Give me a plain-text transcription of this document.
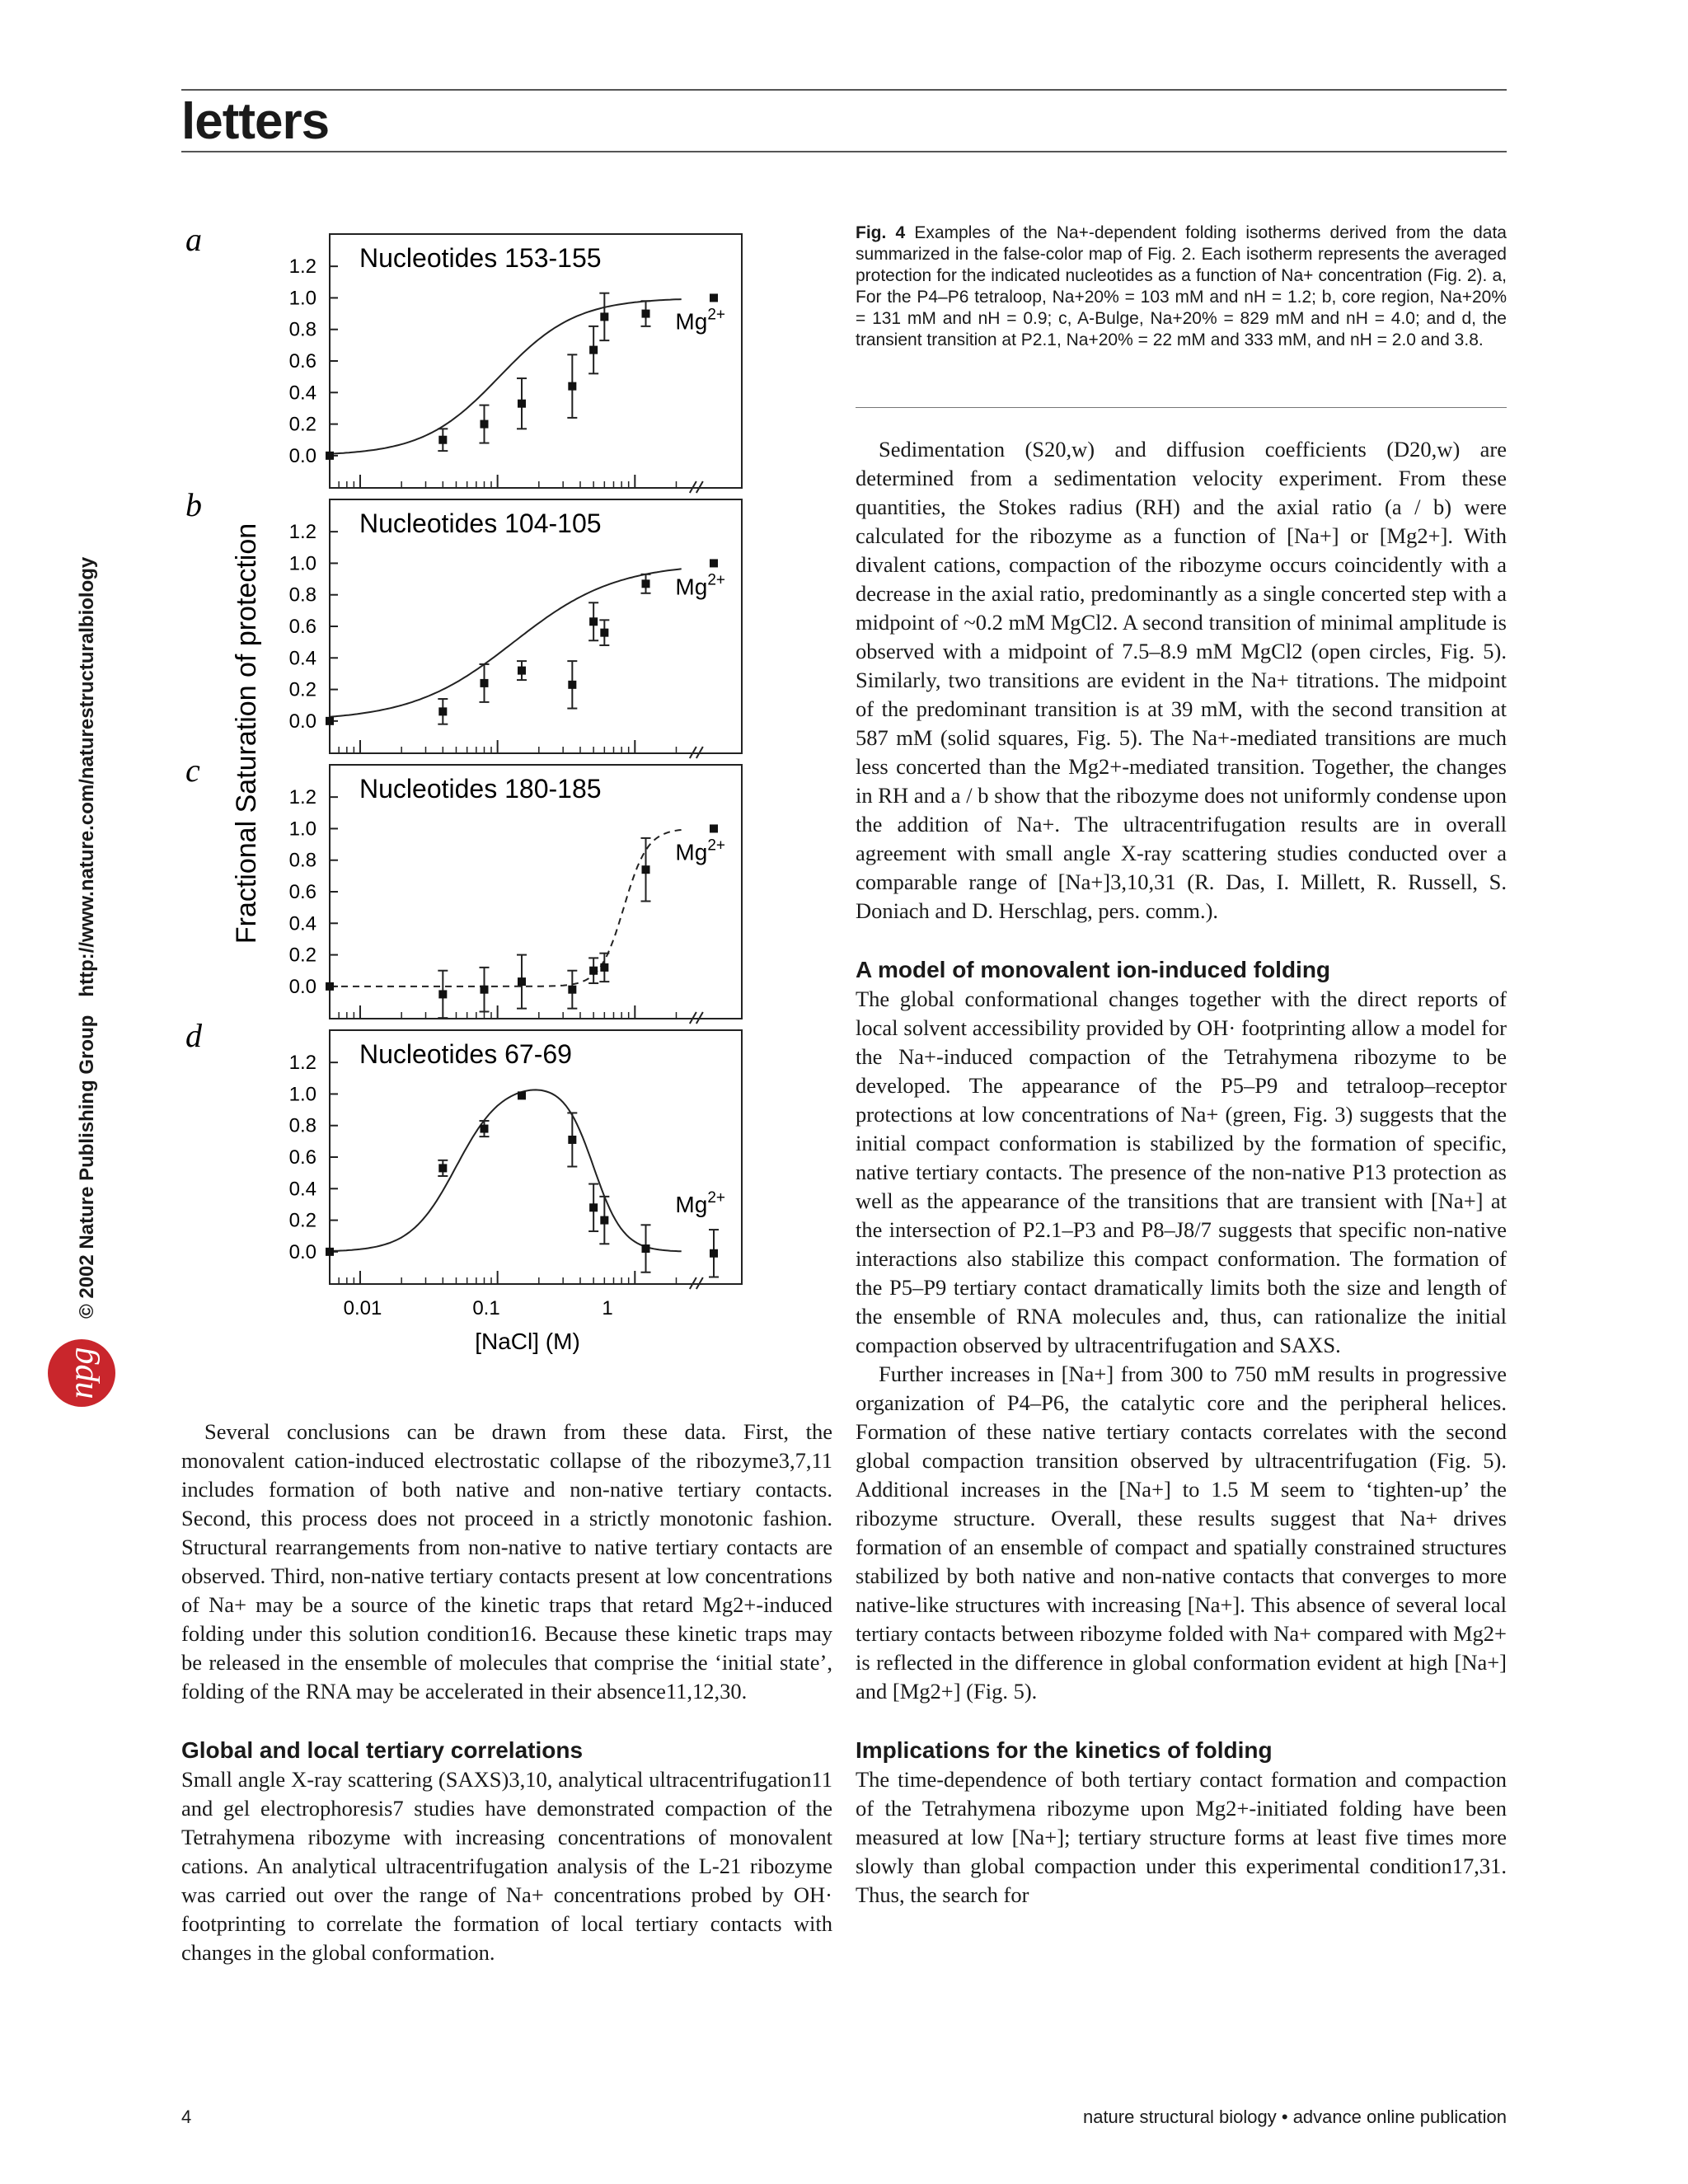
letters
© 2002 Nature Publishing Grouphttp://www.nature.com/naturestructuralbiology
npg
a	Nucleotides 153-155
1.2
1.0
0.8
0.6
0.4
0.2
0.0
$Mg^{2+}$
b	Nucleotides 104-105
1.2
1.0
0.8
0.6
0.4
0.2
0.0
$Mg^{2+}$
c	Nucleotides 180-185
1.2
1.0
0.8
0.6
0.4
0.2
0.0
$Mg^{2+}$
d	Nucleotides 67-69
1.2
1.0
0.8
0.6
0.4
0.2
0.0
$Mg^{2+}$
Fractional Saturation of protection
0.01	0.1	1
[NaCl] (M)
Fig. 4 Examples of the Na+-dependent folding isotherms derived from the data summarized in the false-color map of Fig. 2. Each isotherm represents the averaged protection for the indicated nucleotides as a function of Na+ concentration (Fig. 2). a, For the P4–P6 tetraloop, Na+20% = 103 mM and nH = 1.2; b, core region, Na+20% = 131 mM and nH = 0.9; c, A-Bulge, Na+20% = 829 mM and nH = 4.0; and d, the transient transition at P2.1, Na+20% = 22 mM and 333 mM, and nH = 2.0 and 3.8.

Several conclusions can be drawn from these data. First, the monovalent cation-induced electrostatic collapse of the ribozyme3,7,11 includes formation of both native and non-native tertiary contacts. Second, this process does not proceed in a strictly monotonic fashion. Structural rearrangements from non-native to native tertiary contacts are observed. Third, non-native tertiary contacts present at low concentrations of Na+ may be a source of the kinetic traps that retard Mg2+-induced folding under this solution condition16. Because these kinetic traps may be released in the ensemble of molecules that comprise the ‘initial state’, folding of the RNA may be accelerated in their absence11,12,30.

Global and local tertiary correlations

Small angle X-ray scattering (SAXS)3,10, analytical ultracentrifugation11 and gel electrophoresis7 studies have demonstrated compaction of the Tetrahymena ribozyme with increasing concentrations of monovalent cations. An analytical ultracentrifugation analysis of the L-21 ribozyme was carried out over the range of Na+ concentrations probed by OH· footprinting to correlate the formation of local tertiary contacts with changes in the global conformation.

Sedimentation (S20,w) and diffusion coefficients (D20,w) are determined from a sedimentation velocity experiment. From these quantities, the Stokes radius (RH) and the axial ratio (a / b) were calculated for the ribozyme as a function of [Na+] or [Mg2+]. With divalent cations, compaction of the ribozyme occurs coincidently with a decrease in the axial ratio, predominantly as a single concerted step with a midpoint of ~0.2 mM MgCl2. A second transition of minimal amplitude is observed with a midpoint of 7.5–8.9 mM MgCl2 (open circles, Fig. 5). Similarly, two transitions are evident in the Na+ titrations. The midpoint of the predominant transition is at 39 mM, with the second transition at 587 mM (solid squares, Fig. 5). The Na+-mediated transitions are much less concerted than the Mg2+-mediated transition. Together, the changes in RH and a / b show that the ribozyme does not uniformly condense upon the addition of Na+. The ultracentrifugation results are in overall agreement with small angle X-ray scattering studies conducted over a comparable range of [Na+]3,10,31 (R. Das, I. Millett, R. Russell, S. Doniach and D. Herschlag, pers. comm.).

A model of monovalent ion-induced folding

The global conformational changes together with the direct reports of local solvent accessibility provided by OH· footprinting allow a model for the Na+-induced compaction of the Tetrahymena ribozyme to be developed. The appearance of the P5–P9 and tetraloop–receptor protections at low concentrations of Na+ (green, Fig. 3) suggests that the initial compact conformation is stabilized by the formation of specific, native tertiary contacts. The presence of the non-native P13 protection as well as the appearance of the transitions that are transient with [Na+] at the intersection of P2.1–P3 and P8–J8/7 suggests that specific non-native interactions also stabilize this compact conformation. The formation of the P5–P9 tertiary contact dramatically limits both the size and length of the ensemble of RNA molecules and, thus, can rationalize the initial compaction observed by ultracentrifugation and SAXS.

Further increases in [Na+] from 300 to 750 mM results in progressive organization of P4–P6, the catalytic core and the peripheral helices. Formation of these native tertiary contacts correlates with the second global compaction transition observed by ultracentrifugation (Fig. 5). Additional increases in the [Na+] to 1.5 M seem to ‘tighten-up’ the ribozyme structure. Overall, these results suggest that Na+ drives formation of an ensemble of compact and spatially constrained structures stabilized by both native and non-native contacts that converges to more native-like structures with increasing [Na+]. This absence of several local tertiary contacts between ribozyme folded with Na+ compared with Mg2+ is reflected in the difference in global conformation evident at high [Na+] and [Mg2+] (Fig. 5).

Implications for the kinetics of folding

The time-dependence of both tertiary contact formation and compaction of the Tetrahymena ribozyme upon Mg2+-initiated folding have been measured at low [Na+]; tertiary structure forms at least five times more slowly than global compaction under this experimental condition17,31. Thus, the search for

4	nature structural biology • advance online publication
